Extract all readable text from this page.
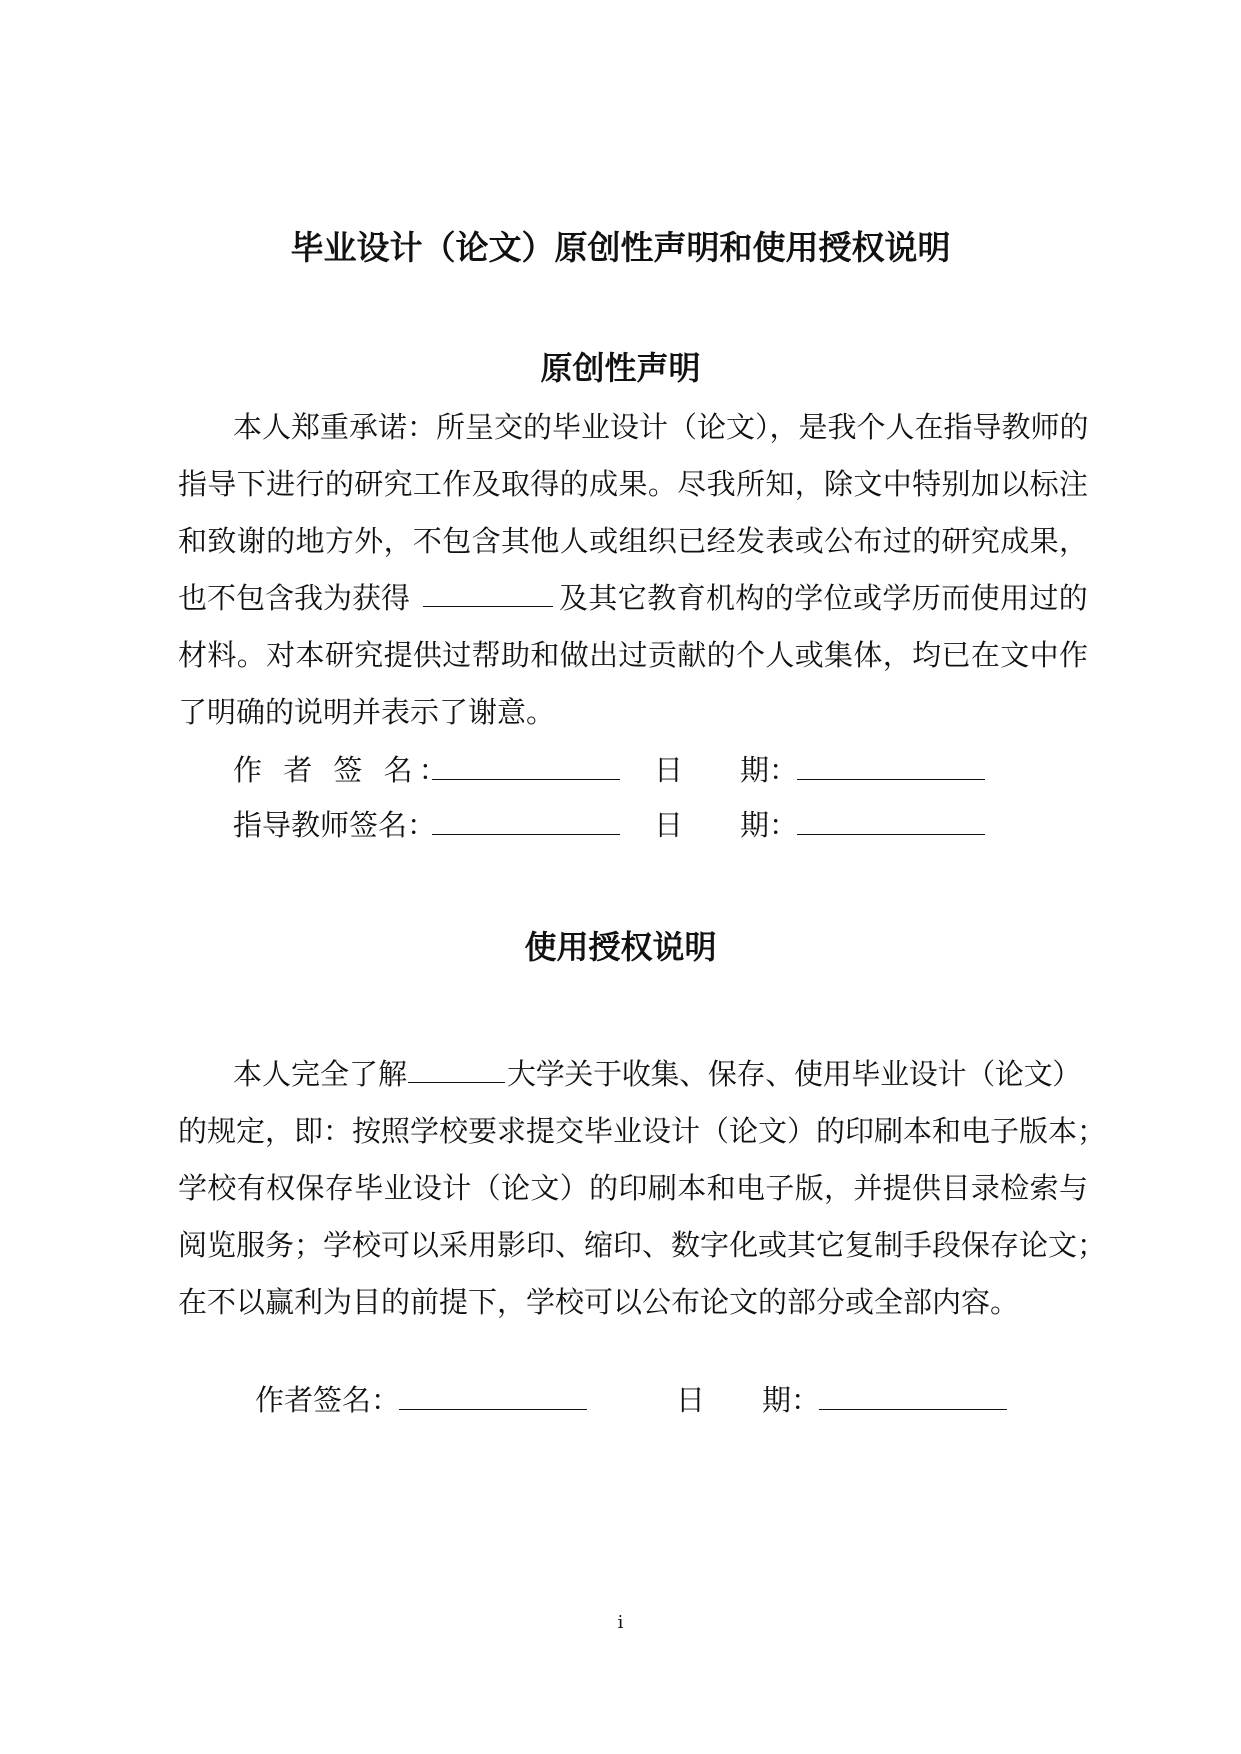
毕业设计（论文）原创性声明和使用授权说明
原创性声明
本人郑重承诺：所呈交的毕业设计（论文），是我个人在指导教师的
指导下进行的研究工作及取得的成果。尽我所知，除文中特别加以标注
和致谢的地方外，不包含其他人或组织已经发表或公布过的研究成果，
也不包含我为获得	及其它教育机构的学位或学历而使用过的
材料。对本研究提供过帮助和做出过贡献的个人或集体，均已在文中作
了明确的说明并表示了谢意。
作 者 签 名：	日 期：
指导教师签名：	日 期：
使用授权说明
本人完全了解	大学关于收集、保存、使用毕业设计（论文）
的规定，即：按照学校要求提交毕业设计（论文）的印刷本和电子版本；
学校有权保存毕业设计（论文）的印刷本和电子版，并提供目录检索与
阅览服务；学校可以采用影印、缩印、数字化或其它复制手段保存论文；
在不以赢利为目的前提下，学校可以公布论文的部分或全部内容。
作者签名：	日 期：
i
